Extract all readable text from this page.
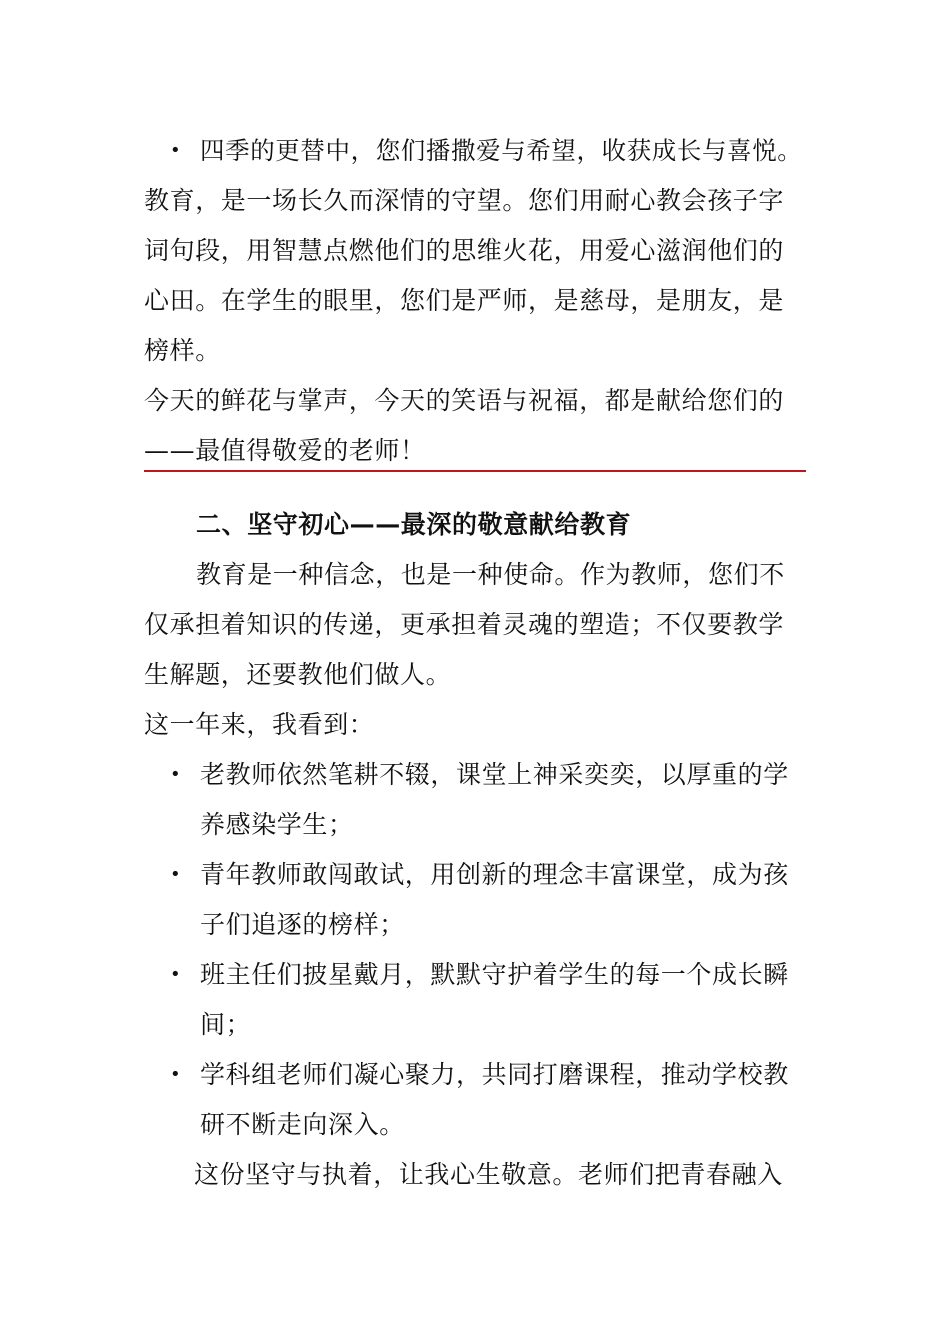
• 四季的更替中，您们播撒爱与希望，收获成长与喜悦。
教育，是一场长久而深情的守望。您们用耐心教会孩子字
词句段，用智慧点燃他们的思维火花，用爱心滋润他们的
心田。在学生的眼里，您们是严师，是慈母，是朋友，是
榜样。
今天的鲜花与掌声，今天的笑语与祝福，都是献给您们的
——最值得敬爱的老师！
二、坚守初心——最深的敬意献给教育
教育是一种信念，也是一种使命。作为教师，您们不
仅承担着知识的传递，更承担着灵魂的塑造；不仅要教学
生解题，还要教他们做人。
这一年来，我看到：
• 老教师依然笔耕不辍，课堂上神采奕奕，以厚重的学
养感染学生；
• 青年教师敢闯敢试，用创新的理念丰富课堂，成为孩
子们追逐的榜样；
• 班主任们披星戴月，默默守护着学生的每一个成长瞬
间；
• 学科组老师们凝心聚力，共同打磨课程，推动学校教
研不断走向深入。
这份坚守与执着，让我心生敬意。老师们把青春融入
